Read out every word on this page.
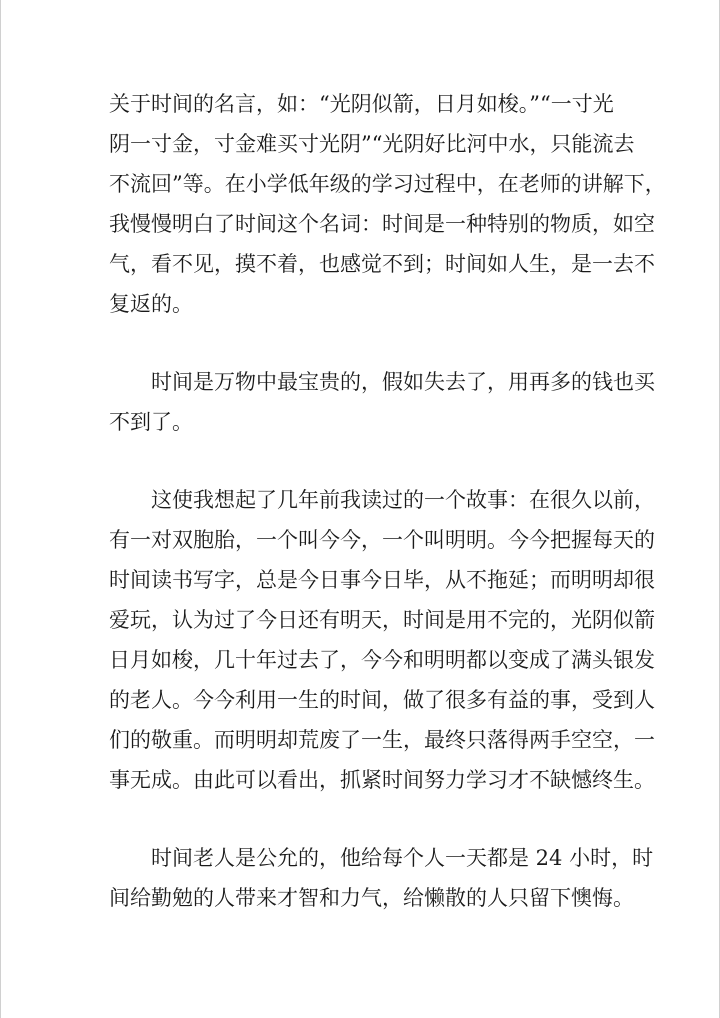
关于时间的名言，如：“光阴似箭，日月如梭。”“一寸光
阴一寸金，寸金难买寸光阴”“光阴好比河中水，只能流去
不流回”等。在小学低年级的学习过程中，在老师的讲解下，
我慢慢明白了时间这个名词：时间是一种特别的物质，如空
气，看不见，摸不着，也感觉不到；时间如人生，是一去不
复返的。
时间是万物中最宝贵的，假如失去了，用再多的钱也买
不到了。
这使我想起了几年前我读过的一个故事：在很久以前，
有一对双胞胎，一个叫今今，一个叫明明。今今把握每天的
时间读书写字，总是今日事今日毕，从不拖延；而明明却很
爱玩，认为过了今日还有明天，时间是用不完的，光阴似箭
日月如梭，几十年过去了，今今和明明都以变成了满头银发
的老人。今今利用一生的时间，做了很多有益的事，受到人
们的敬重。而明明却荒废了一生，最终只落得两手空空，一
事无成。由此可以看出，抓紧时间努力学习才不缺憾终生。
时间老人是公允的，他给每个人一天都是 24 小时，时
间给勤勉的人带来才智和力气，给懒散的人只留下懊悔。
